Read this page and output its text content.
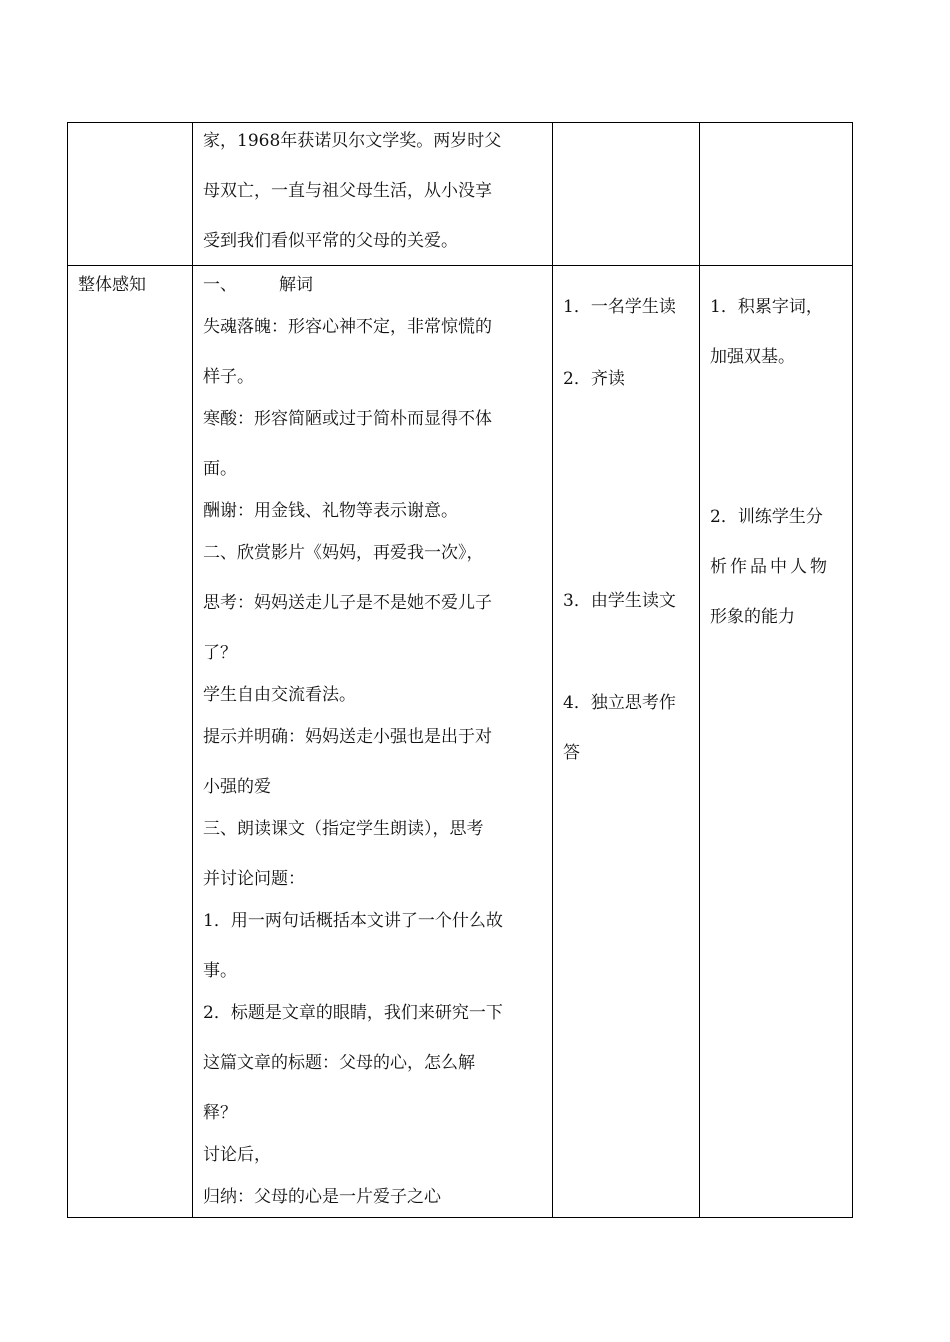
家，1968年获诺贝尔文学奖。两岁时父
母双亡，一直与祖父母生活，从小没享
受到我们看似平常的父母的关爱。
整体感知	一、 解词
失魂落魄：形容心神不定，非常惊慌的
样子。
寒酸：形容简陋或过于简朴而显得不体
面。
酬谢：用金钱、礼物等表示谢意。
二、欣赏影片《妈妈，再爱我一次》，
思考：妈妈送走儿子是不是她不爱儿子
了？
学生自由交流看法。
提示并明确：妈妈送走小强也是出于对
小强的爱
三、朗读课文（指定学生朗读），思考
并讨论问题：
1．用一两句话概括本文讲了一个什么故
事。
2．标题是文章的眼睛，我们来研究一下
这篇文章的标题：父母的心，怎么解
释？
讨论后，
归纳：父母的心是一片爱子之心
1．一名学生读
2．齐读
3．由学生读文
4．独立思考作
答
1．积累字词，
加强双基。
2．训练学生分
析作品中人物
形象的能力
